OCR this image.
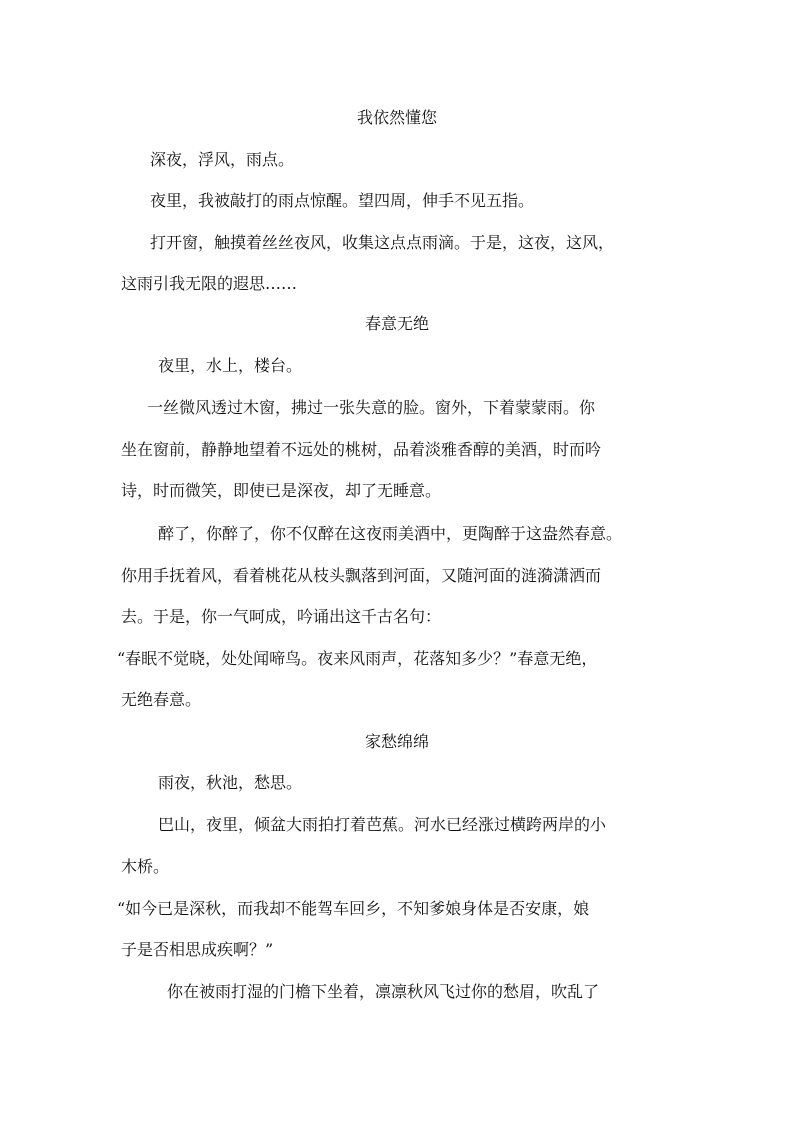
我依然懂您
深夜，浮风，雨点。
夜里，我被敲打的雨点惊醒。望四周，伸手不见五指。
打开窗，触摸着丝丝夜风，收集这点点雨滴。于是，这夜，这风，
这雨引我无限的遐思……
春意无绝
夜里，水上，楼台。
一丝微风透过木窗，拂过一张失意的脸。窗外，下着蒙蒙雨。你
坐在窗前，静静地望着不远处的桃树，品着淡雅香醇的美酒，时而吟
诗，时而微笑，即使已是深夜，却了无睡意。
醉了，你醉了，你不仅醉在这夜雨美酒中，更陶醉于这盎然春意。
你用手抚着风，看着桃花从枝头飘落到河面，又随河面的涟漪潇洒而
去。于是，你一气呵成，吟诵出这千古名句：
“春眠不觉晓，处处闻啼鸟。夜来风雨声，花落知多少？”春意无绝，
无绝春意。
家愁绵绵
雨夜，秋池，愁思。
巴山，夜里，倾盆大雨拍打着芭蕉。河水已经涨过横跨两岸的小
木桥。
“如今已是深秋，而我却不能驾车回乡，不知爹娘身体是否安康，娘
子是否相思成疾啊？”
你在被雨打湿的门檐下坐着，凛凛秋风飞过你的愁眉，吹乱了
